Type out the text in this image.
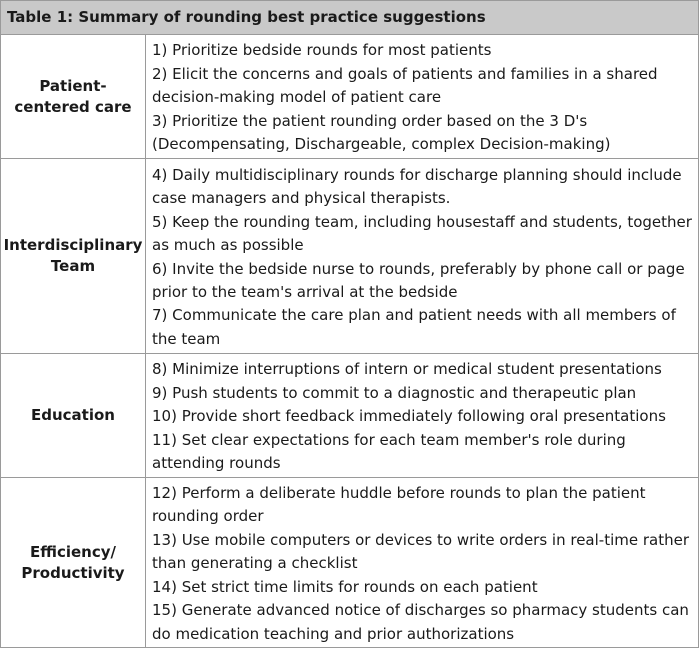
Table 1: Summary of rounding best practice suggestions
Patient-
centered care
1) Prioritize bedside rounds for most patients
2) Elicit the concerns and goals of patients and families in a shared decision-making model of patient care
3) Prioritize the patient rounding order based on the 3 D's (Decompensating, Dischargeable, complex Decision-making)
Interdisciplinary
Team
4) Daily multidisciplinary rounds for discharge planning should include case managers and physical therapists.
5) Keep the rounding team, including housestaff and students, together as much as possible
6) Invite the bedside nurse to rounds, preferably by phone call or page prior to the team's arrival at the bedside
7) Communicate the care plan and patient needs with all members of the team
Education
8) Minimize interruptions of intern or medical student presentations
9) Push students to commit to a diagnostic and therapeutic plan
10) Provide short feedback immediately following oral presentations
11) Set clear expectations for each team member's role during attending rounds
Efficiency/
Productivity
12) Perform a deliberate huddle before rounds to plan the patient rounding order
13) Use mobile computers or devices to write orders in real-time rather than generating a checklist
14) Set strict time limits for rounds on each patient
15) Generate advanced notice of discharges so pharmacy students can do medication teaching and prior authorizations
